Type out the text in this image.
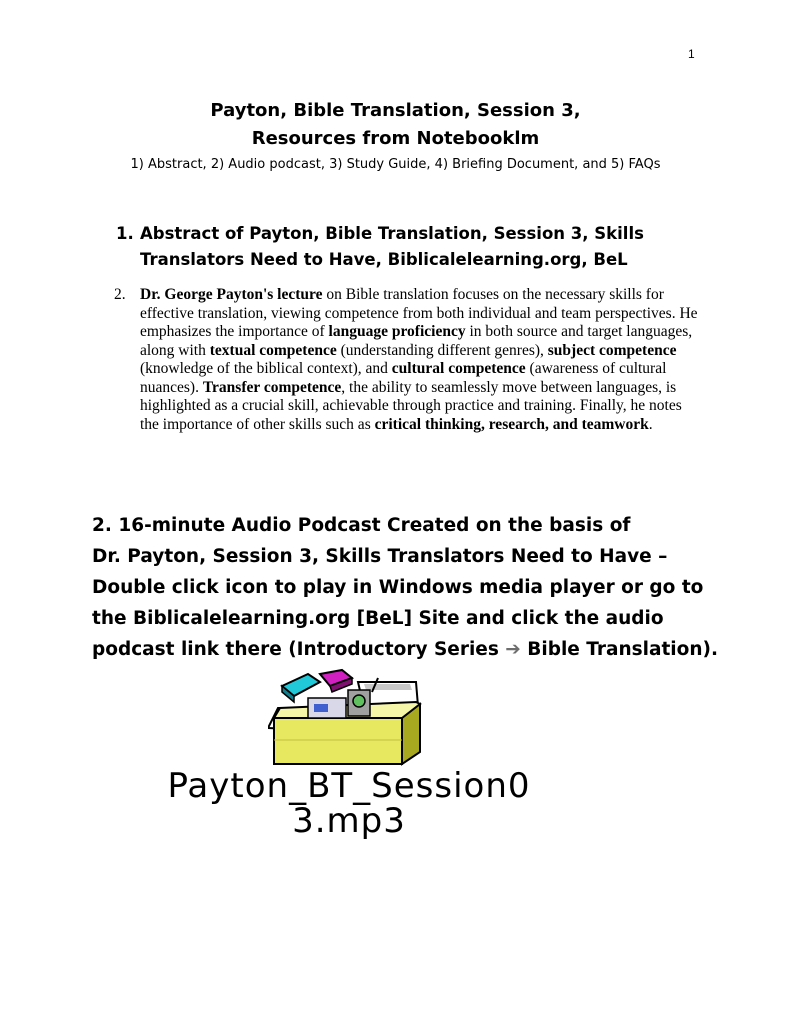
1
Payton, Bible Translation, Session 3,
Resources from Notebooklm
1) Abstract, 2) Audio podcast, 3) Study Guide, 4) Briefing Document, and 5) FAQs
1. Abstract of Payton, Bible Translation, Session 3, Skills Translators Need to Have, Biblicalelearning.org, BeL
2. Dr. George Payton's lecture on Bible translation focuses on the necessary skills for effective translation, viewing competence from both individual and team perspectives. He emphasizes the importance of language proficiency in both source and target languages, along with textual competence (understanding different genres), subject competence (knowledge of the biblical context), and cultural competence (awareness of cultural nuances). Transfer competence, the ability to seamlessly move between languages, is highlighted as a crucial skill, achievable through practice and training. Finally, he notes the importance of other skills such as critical thinking, research, and teamwork.
2. 16-minute Audio Podcast Created on the basis of
Dr. Payton, Session 3, Skills Translators Need to Have – Double click icon to play in Windows media player or go to the Biblicalelearning.org [BeL] Site and click the audio podcast link there (Introductory Series ➔ Bible Translation).
Payton_BT_Session0
3.mp3
